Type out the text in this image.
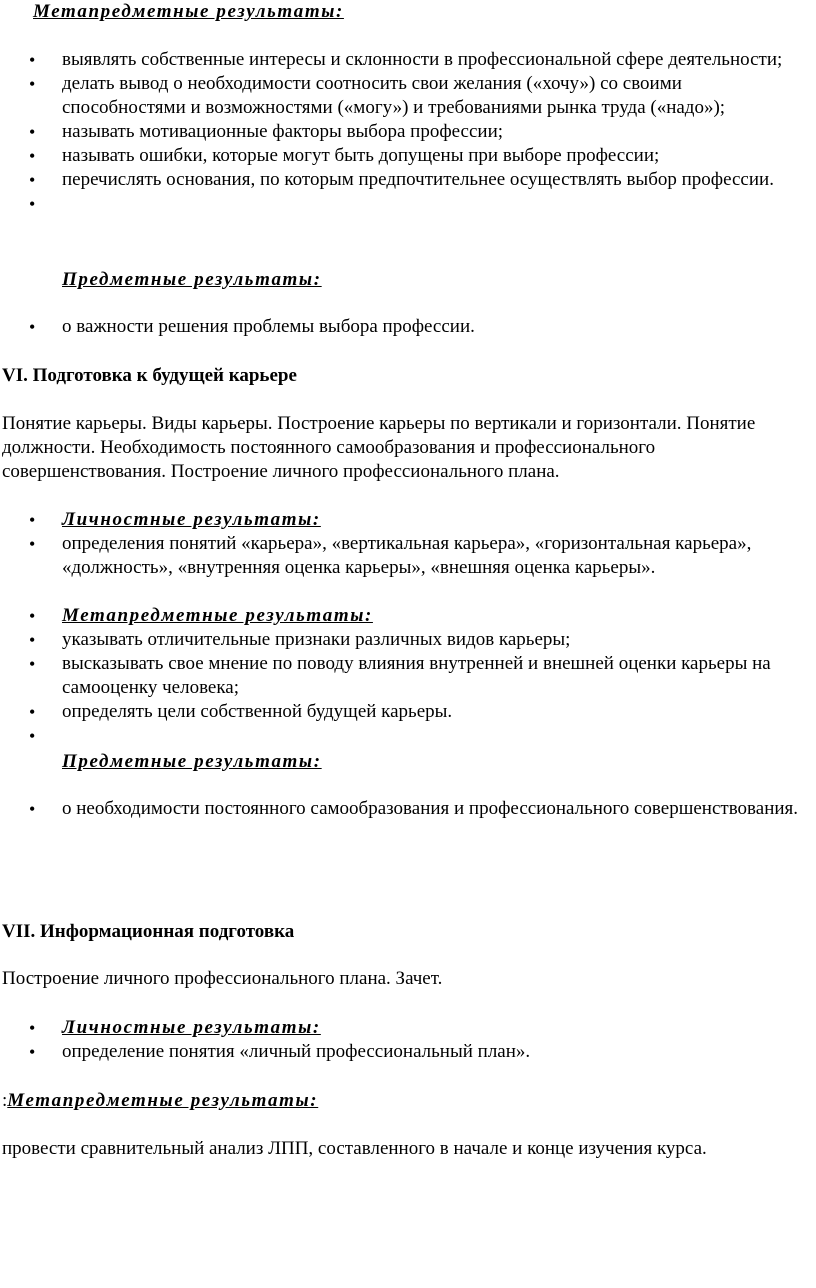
Метапредметные результаты:
• выявлять собственные интересы и склонности в профессиональной сфере деятельности;
• делать вывод о необходимости соотносить свои желания («хочу») со своими способностями и возможностями («могу») и требованиями рынка труда («надо»);
• называть мотивационные факторы выбора профессии;
• называть ошибки, которые могут быть допущены при выборе профессии;
• перечислять основания, по которым предпочтительнее осуществлять выбор профессии.
•
Предметные результаты:
• о важности решения проблемы выбора профессии.
VI. Подготовка к будущей карьере

Понятие карьеры. Виды карьеры. Построение карьеры по вертикали и горизонтали. Понятие должности. Необходимость постоянного самообразования и профессионального совершенствования. Построение личного профессионального плана.

• Личностные результаты:
• определения понятий «карьера», «вертикальная карьера», «горизонтальная карьера», «должность», «внутренняя оценка карьеры», «внешняя оценка карьеры».
• Метапредметные результаты:
• указывать отличительные признаки различных видов карьеры;
• высказывать свое мнение по поводу влияния внутренней и внешней оценки карьеры на самооценку человека;
• определять цели собственной будущей карьеры.
•
Предметные результаты:
• о необходимости постоянного самообразования и профессионального совершенствования.
VII. Информационная подготовка

Построение личного профессионального плана. Зачет.

• Личностные результаты:
• определение понятия «личный профессиональный план».
:Метапредметные результаты:

провести сравнительный анализ ЛПП, составленного в начале и конце изучения курса.
